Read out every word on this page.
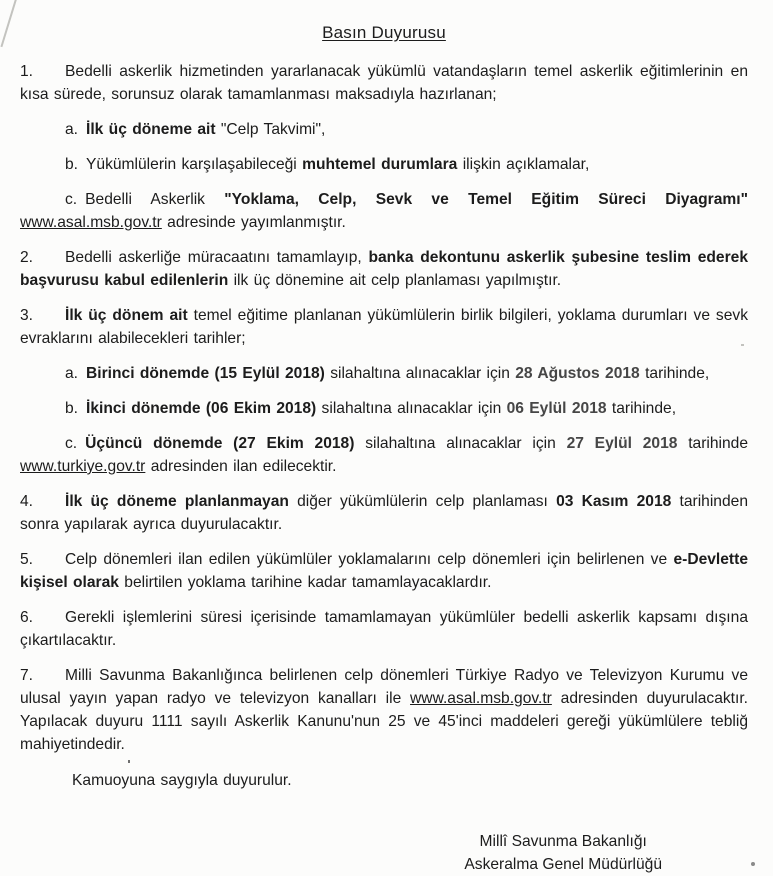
Basın Duyurusu

1. Bedelli askerlik hizmetinden yararlanacak yükümlü vatandaşların temel askerlik eğitimlerinin en kısa sürede, sorunsuz olarak tamamlanması maksadıyla hazırlanan;

a. İlk üç döneme ait "Celp Takvimi",

b. Yükümlülerin karşılaşabileceği muhtemel durumlara ilişkin açıklamalar,

c. Bedelli Askerlik "Yoklama, Celp, Sevk ve Temel Eğitim Süreci Diyagramı" www.asal.msb.gov.tr adresinde yayımlanmıştır.

2. Bedelli askerliğe müracaatını tamamlayıp, banka dekontunu askerlik şubesine teslim ederek başvurusu kabul edilenlerin ilk üç dönemine ait celp planlaması yapılmıştır.

3. İlk üç dönem ait temel eğitime planlanan yükümlülerin birlik bilgileri, yoklama durumları ve sevk evraklarını alabilecekleri tarihler;

a. Birinci dönemde (15 Eylül 2018) silahaltına alınacaklar için 28 Ağustos 2018 tarihinde,

b. İkinci dönemde (06 Ekim 2018) silahaltına alınacaklar için 06 Eylül 2018 tarihinde,

c. Üçüncü dönemde (27 Ekim 2018) silahaltına alınacaklar için 27 Eylül 2018 tarihinde www.turkiye.gov.tr adresinden ilan edilecektir.

4. İlk üç döneme planlanmayan diğer yükümlülerin celp planlaması 03 Kasım 2018 tarihinden sonra yapılarak ayrıca duyurulacaktır.

5. Celp dönemleri ilan edilen yükümlüler yoklamalarını celp dönemleri için belirlenen ve e-Devlette kişisel olarak belirtilen yoklama tarihine kadar tamamlayacaklardır.

6. Gerekli işlemlerini süresi içerisinde tamamlamayan yükümlüler bedelli askerlik kapsamı dışına çıkartılacaktır.

7. Milli Savunma Bakanlığınca belirlenen celp dönemleri Türkiye Radyo ve Televizyon Kurumu ve ulusal yayın yapan radyo ve televizyon kanalları ile www.asal.msb.gov.tr adresinden duyurulacaktır. Yapılacak duyuru 1111 sayılı Askerlik Kanunu'nun 25 ve 45'inci maddeleri gereği yükümlülere tebliğ mahiyetindedir.

Kamuoyuna saygıyla duyurulur.

Millî Savunma Bakanlığı
Askeralma Genel Müdürlüğü
